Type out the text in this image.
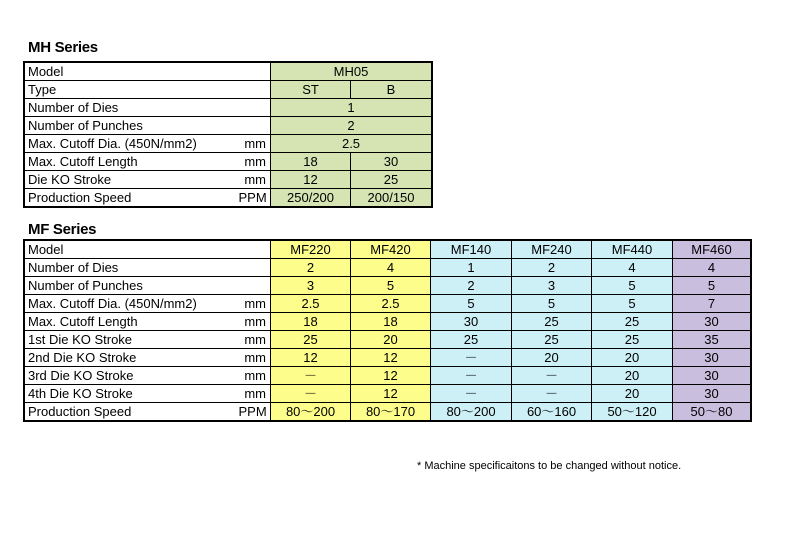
MH Series
Model		MH05	
Type		ST	B
Number of Dies		1	
Number of Punches		2	
Max. Cutoff Dia. (450N/mm2)	mm	2.5	
Max. Cutoff Length	mm	18	30
Die KO Stroke	mm	12	25
Production Speed	PPM	250/200	200/150
MF Series
Model		MF220	MF420	MF140	MF240	MF440	MF460
Number of Dies		2	4	1	2	4	4
Number of Punches		3	5	2	3	5	5
Max. Cutoff Dia. (450N/mm2)	mm	2.5	2.5	5	5	5	7
Max. Cutoff Length	mm	18	18	30	25	25	30
1st Die KO Stroke	mm	25	20	25	25	25	35
2nd Die KO Stroke	mm	12	12	－	20	20	30
3rd Die KO Stroke	mm	－	12	－	－	20	30
4th Die KO Stroke	mm	－	12	－	－	20	30
Production Speed	PPM	80～200	80～170	80～200	60～160	50～120	50～80
* Machine specificaitons to be changed without notice.
